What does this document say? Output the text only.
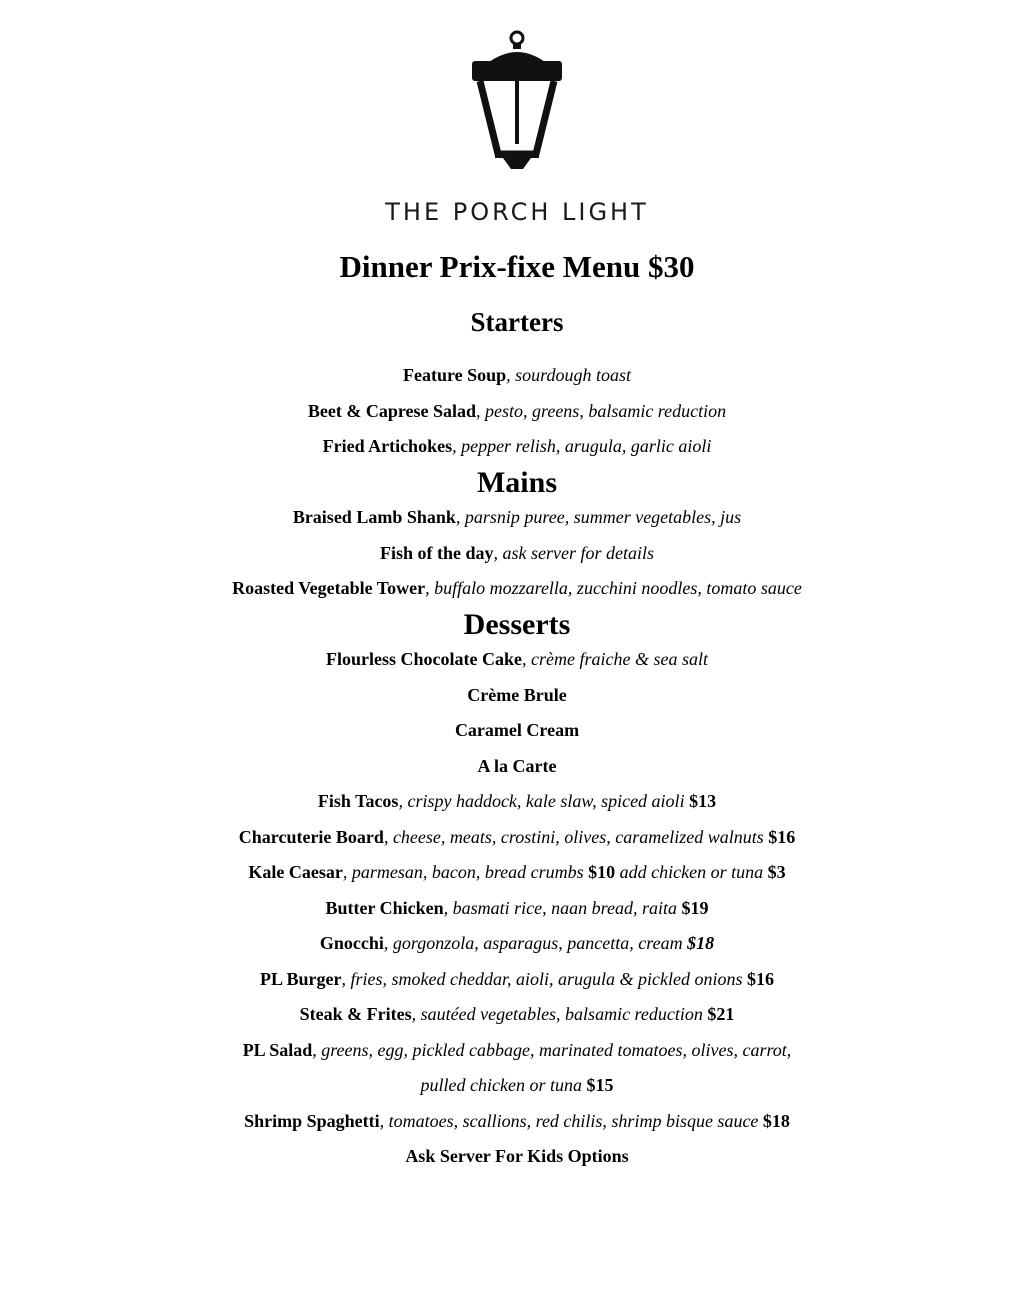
THE PORCH LIGHT
Dinner Prix-fixe Menu $30
Starters
Feature Soup, sourdough toast
Beet & Caprese Salad, pesto, greens, balsamic reduction
Fried Artichokes, pepper relish, arugula, garlic aioli
Mains
Braised Lamb Shank, parsnip puree, summer vegetables, jus
Fish of the day, ask server for details
Roasted Vegetable Tower, buffalo mozzarella, zucchini noodles, tomato sauce
Desserts
Flourless Chocolate Cake, crème fraiche & sea salt
Crème Brule
Caramel Cream
A la Carte
Fish Tacos, crispy haddock, kale slaw, spiced aioli $13
Charcuterie Board, cheese, meats, crostini, olives, caramelized walnuts $16
Kale Caesar, parmesan, bacon, bread crumbs $10 add chicken or tuna $3
Butter Chicken, basmati rice, naan bread, raita $19
Gnocchi, gorgonzola, asparagus, pancetta, cream $18
PL Burger, fries, smoked cheddar, aioli, arugula & pickled onions $16
Steak & Frites, sautéed vegetables, balsamic reduction $21
PL Salad, greens, egg, pickled cabbage, marinated tomatoes, olives, carrot,
pulled chicken or tuna $15
Shrimp Spaghetti, tomatoes, scallions, red chilis, shrimp bisque sauce $18
Ask Server For Kids Options
